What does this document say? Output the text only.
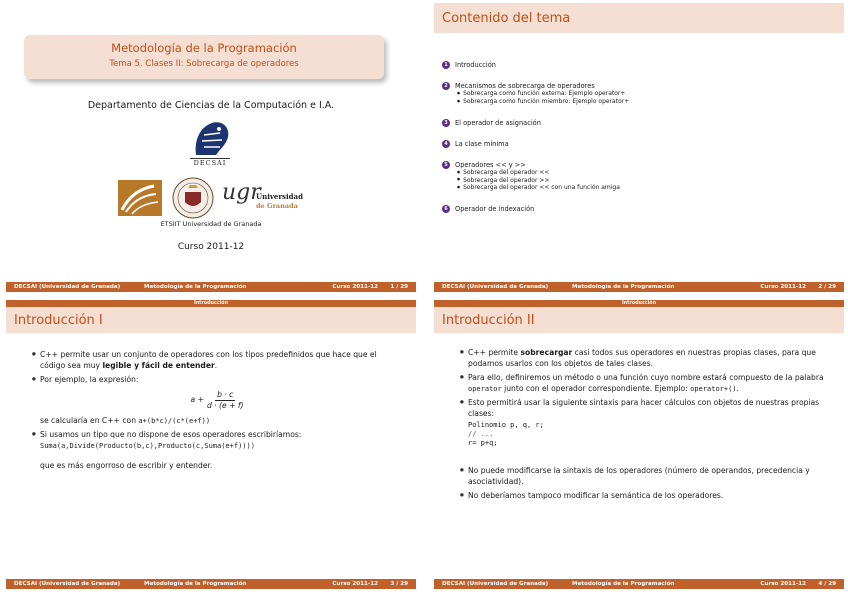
Metodología de la Programación
Tema 5. Clases II: Sobrecarga de operadores
Departamento de Ciencias de la Computación e I.A.
DECSAI
ugr
Universidad
de Granada
ETSIIT Universidad de Granada
Curso 2011-12
DECSAI (Universidad de Granada)	Metodología de la Programación	Curso 2011-12	1 / 29
Contenido del tema
1	Introducción
2	Mecanismos de sobrecarga de operadores
● Sobrecarga como función externa: Ejemplo operator+
● Sobrecarga como función miembro: Ejemplo operator+
3	El operador de asignación
4	La clase mínima
5	Operadores << y >>
● Sobrecarga del operador <<
● Sobrecarga del operador >>
● Sobrecarga del operador << con una función amiga
6	Operador de indexación
DECSAI (Universidad de Granada)	Metodología de la Programación	Curso 2011-12	2 / 29
Introducción
Introducción I
● C++ permite usar un conjunto de operadores con los tipos predefinidos que hace que el código sea muy legible y fácil de entender.
● Por ejemplo, la expresión:
$a + \frac{b \cdot c}{d \cdot (e + f)}$
se calcularía en C++ con a+(b*c)/(c*(e+f))
● Si usamos un tipo que no dispone de esos operadores escribiríamos:
Suma(a,Divide(Producto(b,c),Producto(c,Suma(e+f))))
que es más engorroso de escribir y entender.
DECSAI (Universidad de Granada)	Metodología de la Programación	Curso 2011-12	3 / 29
Introducción
Introducción II
● C++ permite sobrecargar casi todos sus operadores en nuestras propias clases, para que podamos usarlos con los objetos de tales clases.
● Para ello, definiremos un método o una función cuyo nombre estará compuesto de la palabra operator junto con el operador correspondiente. Ejemplo: operator+().
● Esto permitirá usar la siguiente sintaxis para hacer cálculos con objetos de nuestras propias clases:
Polinomio p, q, r;
// ...
r= p+q;
● No puede modificarse la sintaxis de los operadores (número de operandos, precedencia y asociatividad).
● No deberíamos tampoco modificar la semántica de los operadores.
DECSAI (Universidad de Granada)	Metodología de la Programación	Curso 2011-12	4 / 29
